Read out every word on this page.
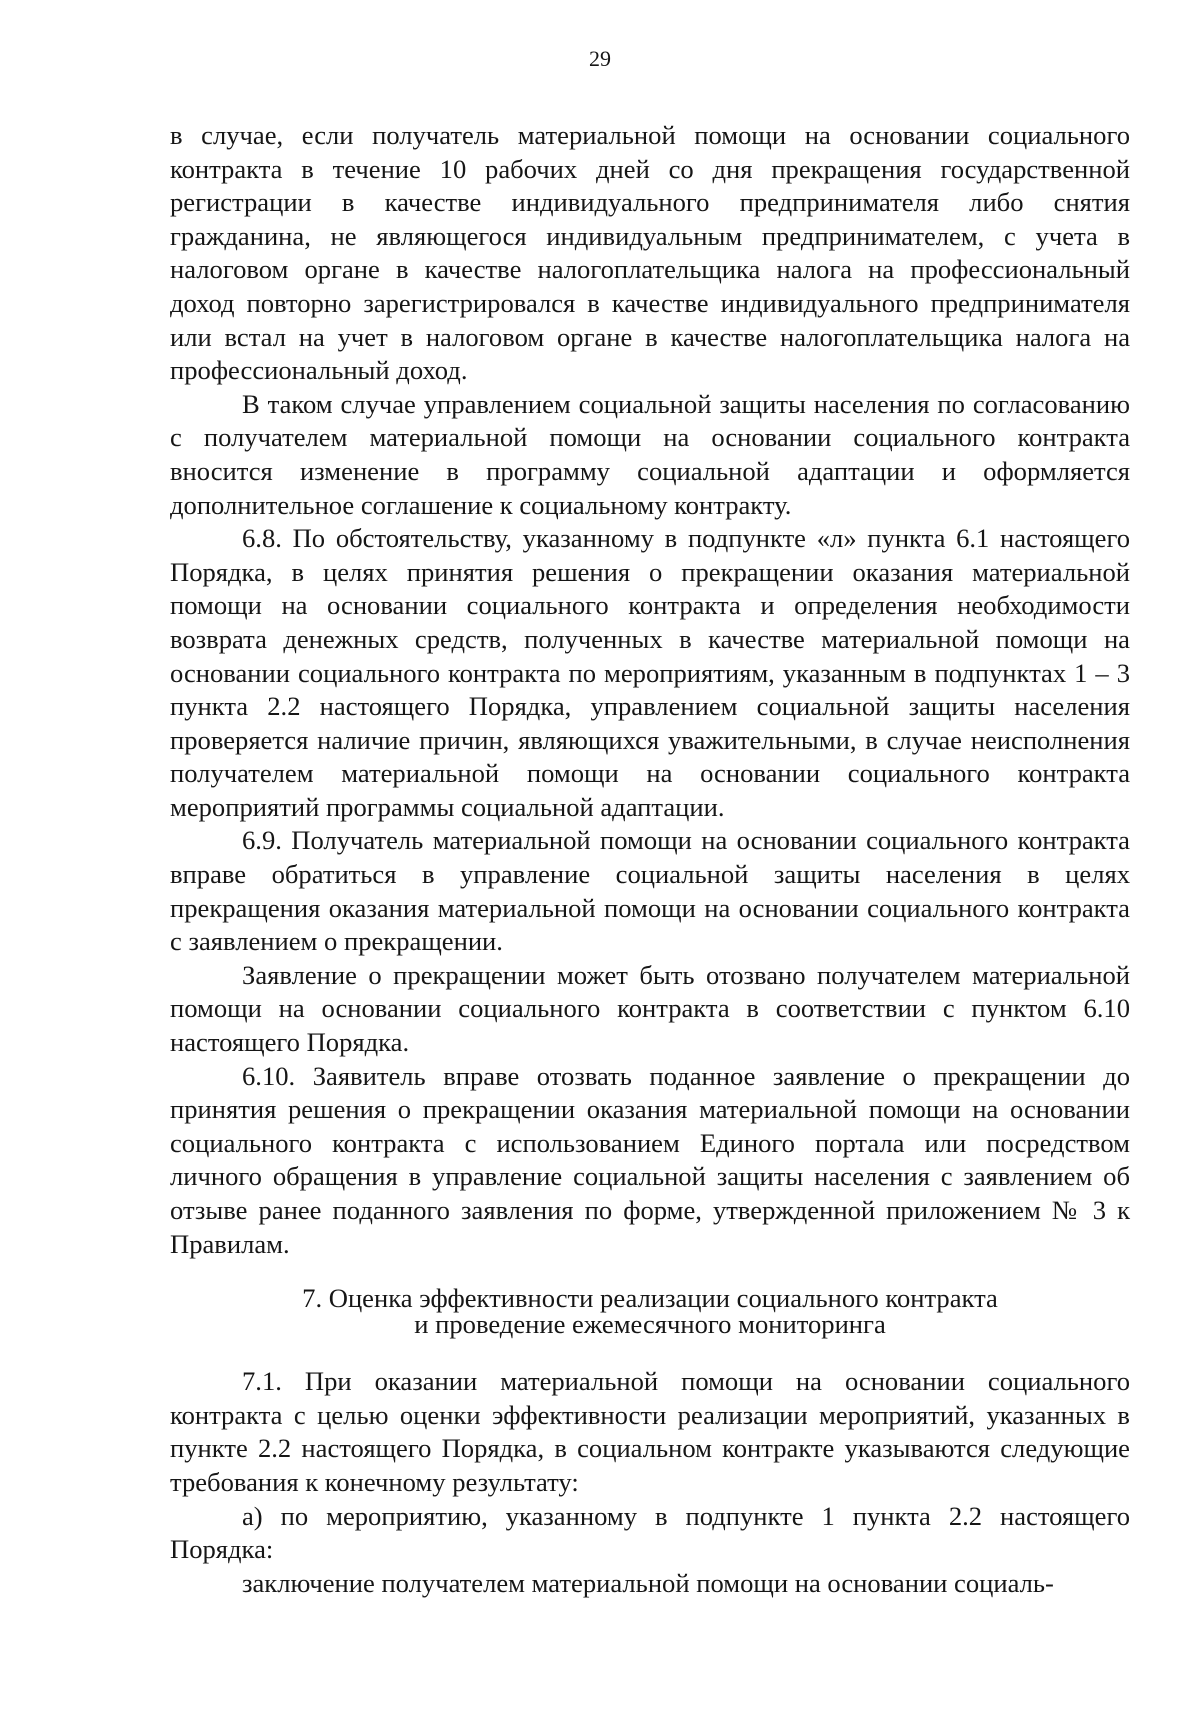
29

в случае, если получатель материальной помощи на основании социального контракта в течение 10 рабочих дней со дня прекращения государственной регистрации в качестве индивидуального предпринимателя либо снятия гражданина, не являющегося индивидуальным предпринимателем, с учета в налоговом органе в качестве налогоплательщика налога на профессиональный доход повторно зарегистрировался в качестве индивидуального предпринимателя или встал на учет в налоговом органе в качестве налогоплательщика налога на профессиональный доход.

В таком случае управлением социальной защиты населения по согласованию с получателем материальной помощи на основании социального контракта вносится изменение в программу социальной адаптации и оформляется дополнительное соглашение к социальному контракту.

6.8. По обстоятельству, указанному в подпункте «л» пункта 6.1 настоящего Порядка, в целях принятия решения о прекращении оказания материальной помощи на основании социального контракта и определения необходимости возврата денежных средств, полученных в качестве материальной помощи на основании социального контракта по мероприятиям, указанным в подпунктах 1 – 3 пункта 2.2 настоящего Порядка, управлением социальной защиты населения проверяется наличие причин, являющихся уважительными, в случае неисполнения получателем материальной помощи на основании социального контракта мероприятий программы социальной адаптации.

6.9. Получатель материальной помощи на основании социального контракта вправе обратиться в управление социальной защиты населения в целях прекращения оказания материальной помощи на основании социального контракта с заявлением о прекращении.

Заявление о прекращении может быть отозвано получателем материальной помощи на основании социального контракта в соответствии с пунктом 6.10 настоящего Порядка.

6.10. Заявитель вправе отозвать поданное заявление о прекращении до принятия решения о прекращении оказания материальной помощи на основании социального контракта с использованием Единого портала или посредством личного обращения в управление социальной защиты населения с заявлением об отзыве ранее поданного заявления по форме, утвержденной приложением № 3 к Правилам.

7. Оценка эффективности реализации социального контракта
и проведение ежемесячного мониторинга

7.1. При оказании материальной помощи на основании социального контракта с целью оценки эффективности реализации мероприятий, указанных в пункте 2.2 настоящего Порядка, в социальном контракте указываются следующие требования к конечному результату:

а) по мероприятию, указанному в подпункте 1 пункта 2.2 настоящего Порядка:

заключение получателем материальной помощи на основании социаль-
